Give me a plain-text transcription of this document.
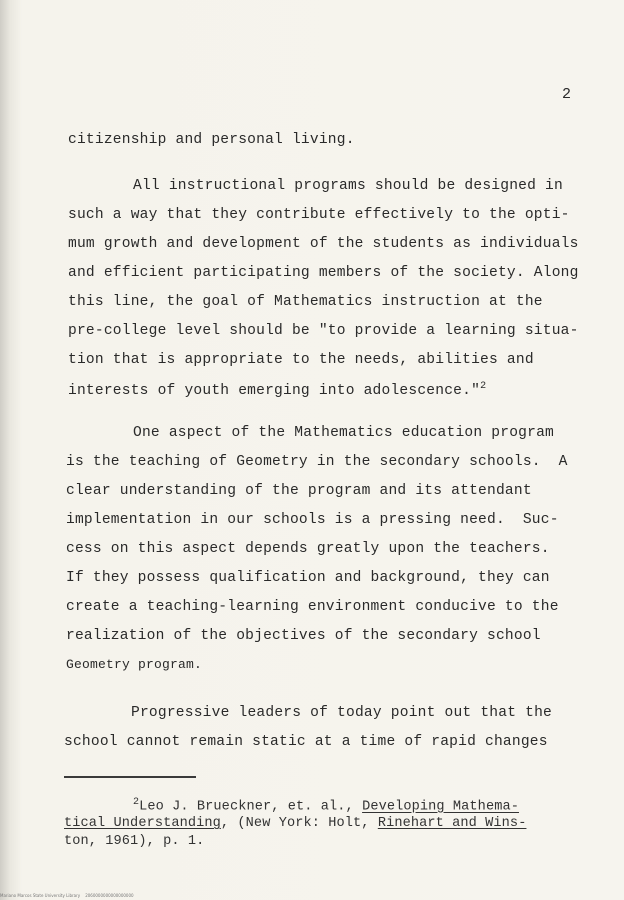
2
citizenship and personal living.
All instructional programs should be designed in
such a way that they contribute effectively to the opti-
mum growth and development of the students as individuals
and efficient participating members of the society. Along
this line, the goal of Mathematics instruction at the
pre-college level should be "to provide a learning situa-
tion that is appropriate to the needs, abilities and
interests of youth emerging into adolescence."$^2$
One aspect of the Mathematics education program
is the teaching of Geometry in the secondary schools.  A
clear understanding of the program and its attendant
implementation in our schools is a pressing need.  Suc-
cess on this aspect depends greatly upon the teachers.
If they possess qualification and background, they can
create a teaching-learning environment conducive to the
realization of the objectives of the secondary school
Geometry program.
Progressive leaders of today point out that the
school cannot remain static at a time of rapid changes
$^2$Leo J. Brueckner, et. al., Developing Mathema-
tical Understanding, (New York: Holt, Rinehart and Wins-
ton, 1961), p. 1.
Mariano Marcos State University Library    2060000000000000000
